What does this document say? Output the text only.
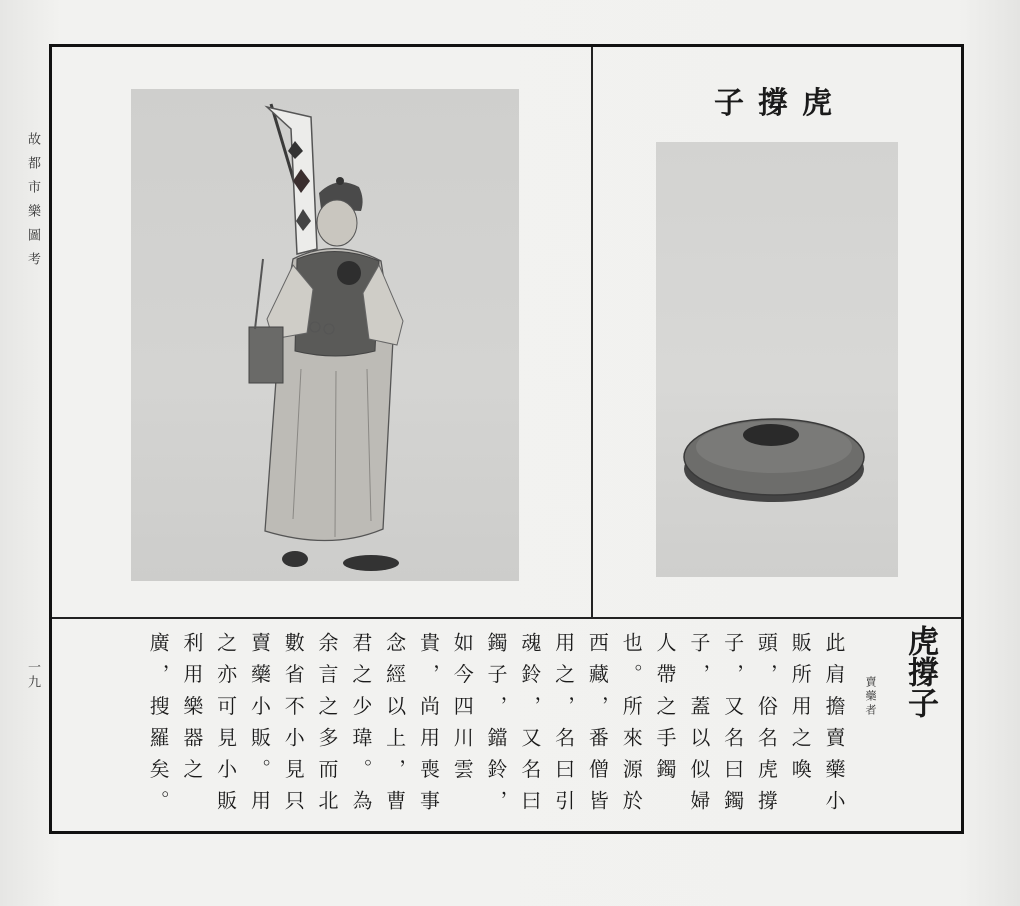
故都市樂圖考
一九
虎撐子
虎撐子
賣藥者
此肩擔賣藥小販所用之喚頭，俗名虎撐子，又名曰鐲子，蓋以似婦人帶之手鐲也。所來源於西藏，番僧皆用之，名曰引魂鈴，又名曰鐲子，鐺鈴，如今四川雲貴，尚用喪事念經以上，曹君之少瑋。為余言之多而北數省不小見只賣藥小販。用之亦可見小販利用樂器之廣，搜羅矣。
